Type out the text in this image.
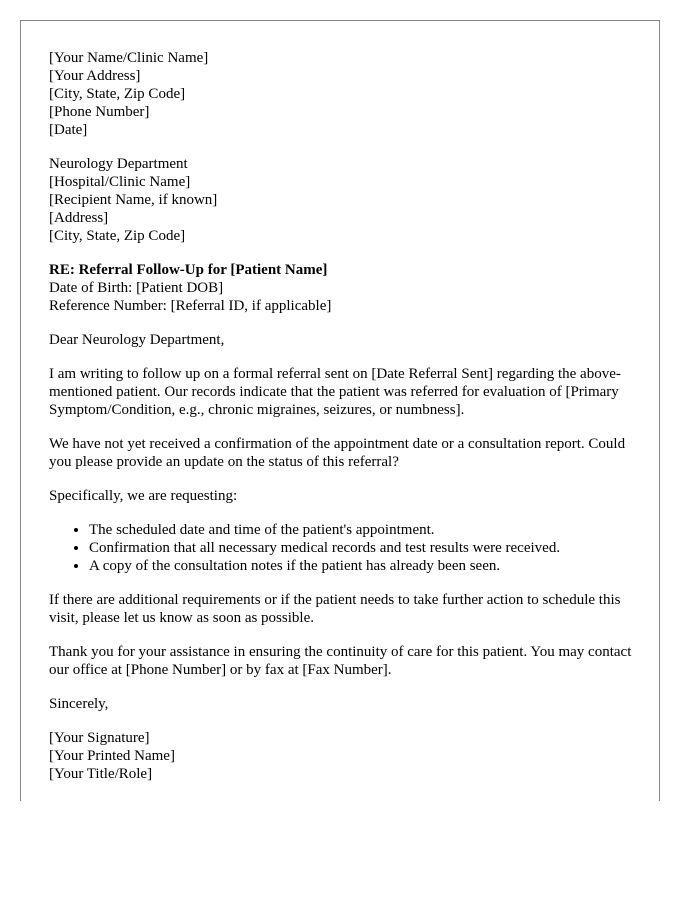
[Your Name/Clinic Name]
[Your Address]
[City, State, Zip Code]
[Phone Number]
[Date]
Neurology Department
[Hospital/Clinic Name]
[Recipient Name, if known]
[Address]
[City, State, Zip Code]
RE: Referral Follow-Up for [Patient Name]
Date of Birth: [Patient DOB]
Reference Number: [Referral ID, if applicable]

Dear Neurology Department,

I am writing to follow up on a formal referral sent on [Date Referral Sent] regarding the above-mentioned patient. Our records indicate that the patient was referred for evaluation of [Primary Symptom/Condition, e.g., chronic migraines, seizures, or numbness].

We have not yet received a confirmation of the appointment date or a consultation report. Could you please provide an update on the status of this referral?

Specifically, we are requesting:

• The scheduled date and time of the patient's appointment.
• Confirmation that all necessary medical records and test results were received.
• A copy of the consultation notes if the patient has already been seen.

If there are additional requirements or if the patient needs to take further action to schedule this visit, please let us know as soon as possible.

Thank you for your assistance in ensuring the continuity of care for this patient. You may contact our office at [Phone Number] or by fax at [Fax Number].

Sincerely,

[Your Signature]
[Your Printed Name]
[Your Title/Role]
